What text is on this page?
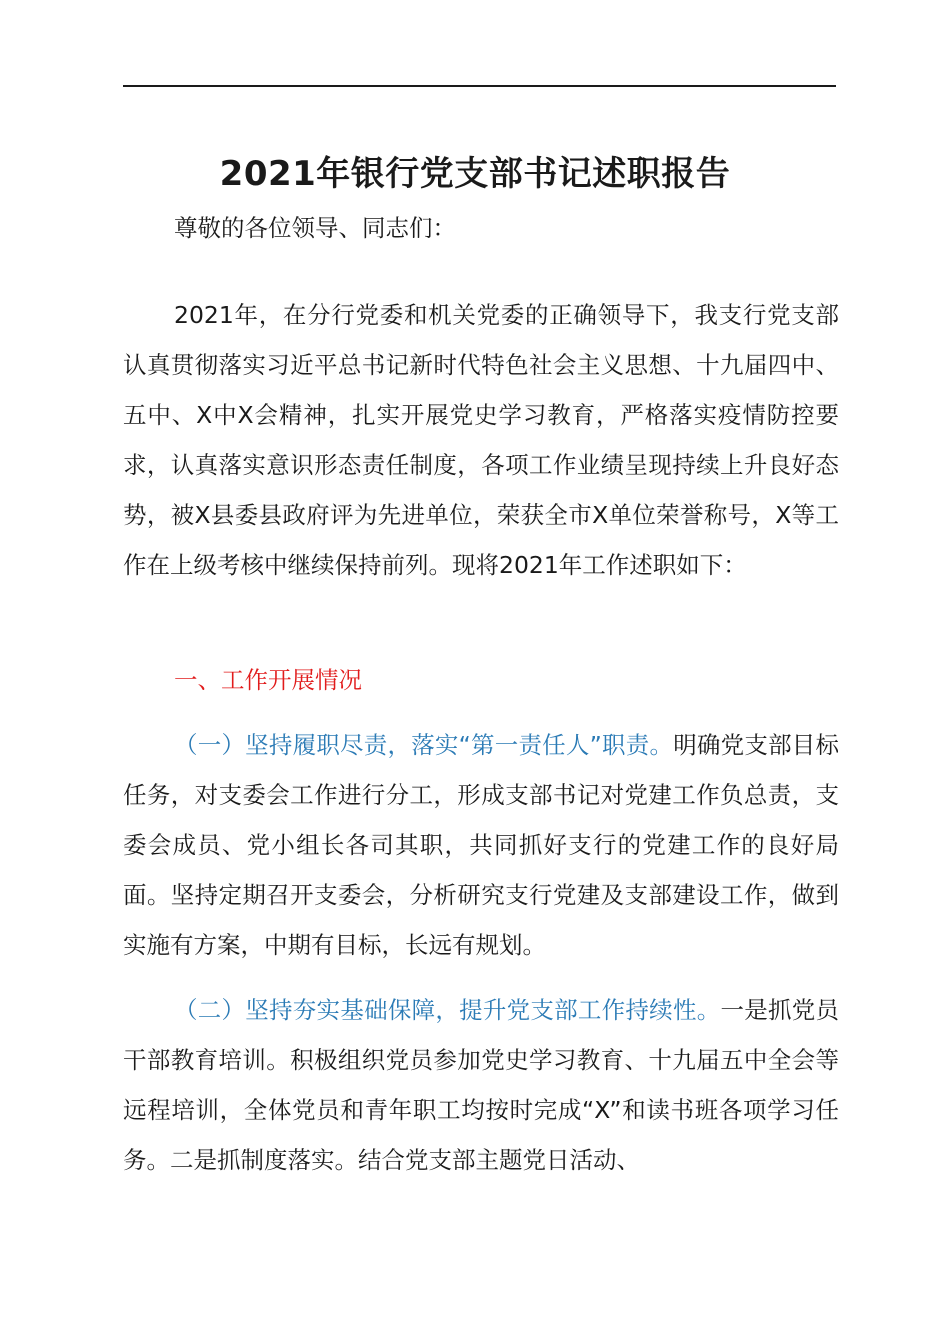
2021年银行党支部书记述职报告

尊敬的各位领导、同志们：

2021年，在分行党委和机关党委的正确领导下，我支行党支部认真贯彻落实习近平总书记新时代特色社会主义思想、十九届四中、五中、X中X会精神，扎实开展党史学习教育，严格落实疫情防控要求，认真落实意识形态责任制度，各项工作业绩呈现持续上升良好态势，被X县委县政府评为先进单位，荣获全市X单位荣誉称号，X等工作在上级考核中继续保持前列。现将2021年工作述职如下：

一、工作开展情况

（一）坚持履职尽责，落实“第一责任人”职责。明确党支部目标任务，对支委会工作进行分工，形成支部书记对党建工作负总责，支委会成员、党小组长各司其职，共同抓好支行的党建工作的良好局面。坚持定期召开支委会，分析研究支行党建及支部建设工作，做到实施有方案，中期有目标，长远有规划。

（二）坚持夯实基础保障，提升党支部工作持续性。一是抓党员干部教育培训。积极组织党员参加党史学习教育、十九届五中全会等远程培训，全体党员和青年职工均按时完成“X”和读书班各项学习任务。二是抓制度落实。结合党支部主题党日活动、
